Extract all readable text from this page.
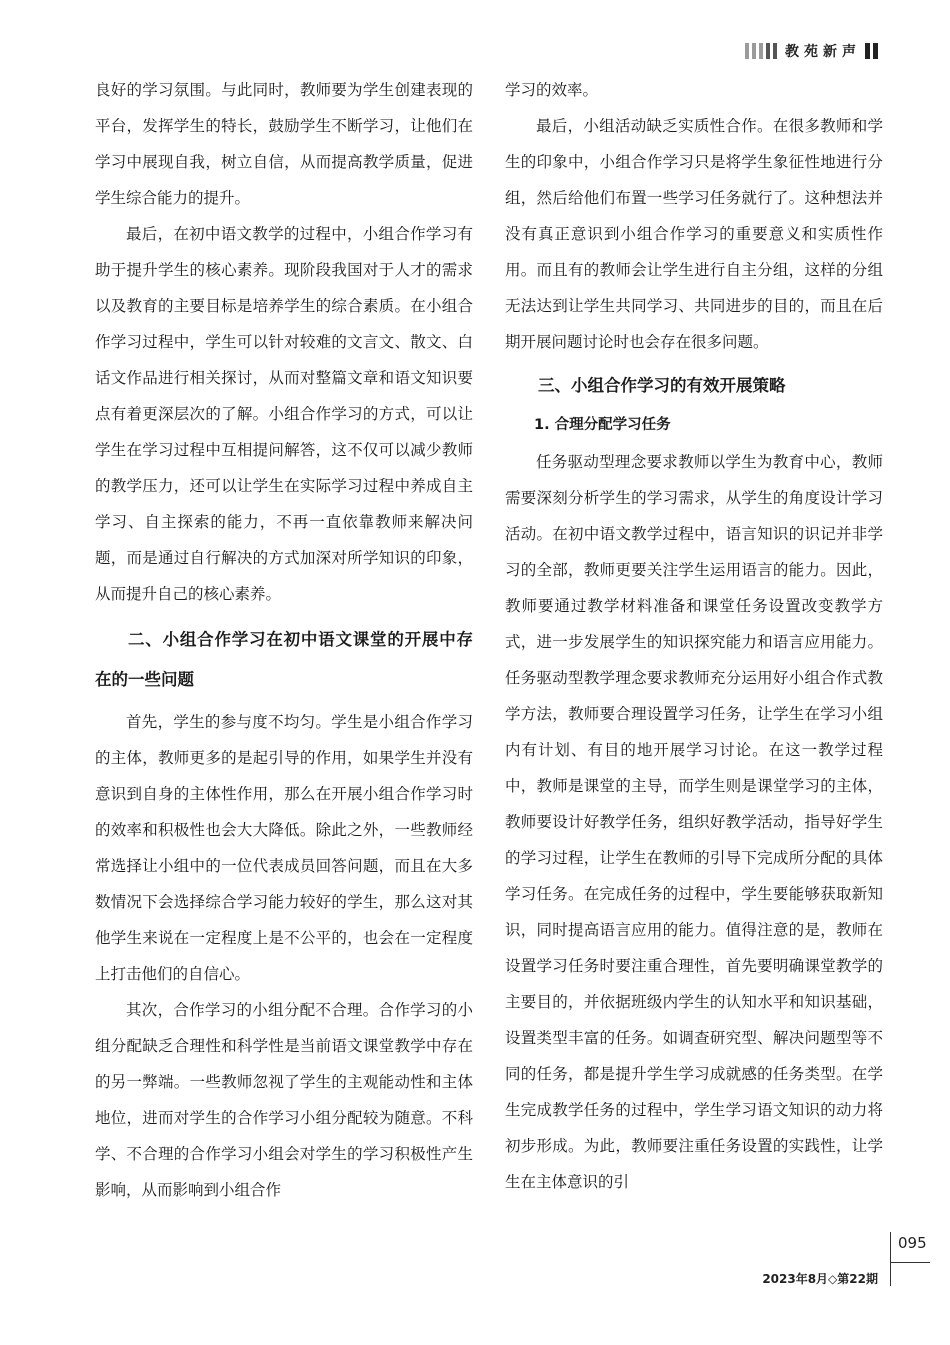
教苑新声

良好的学习氛围。与此同时，教师要为学生创建表现的平台，发挥学生的特长，鼓励学生不断学习，让他们在学习中展现自我，树立自信，从而提高教学质量，促进学生综合能力的提升。

最后，在初中语文教学的过程中，小组合作学习有助于提升学生的核心素养。现阶段我国对于人才的需求以及教育的主要目标是培养学生的综合素质。在小组合作学习过程中，学生可以针对较难的文言文、散文、白话文作品进行相关探讨，从而对整篇文章和语文知识要点有着更深层次的了解。小组合作学习的方式，可以让学生在学习过程中互相提问解答，这不仅可以减少教师的教学压力，还可以让学生在实际学习过程中养成自主学习、自主探索的能力，不再一直依靠教师来解决问题，而是通过自行解决的方式加深对所学知识的印象，从而提升自己的核心素养。

二、小组合作学习在初中语文课堂的开展中存在的一些问题

首先，学生的参与度不均匀。学生是小组合作学习的主体，教师更多的是起引导的作用，如果学生并没有意识到自身的主体性作用，那么在开展小组合作学习时的效率和积极性也会大大降低。除此之外，一些教师经常选择让小组中的一位代表成员回答问题，而且在大多数情况下会选择综合学习能力较好的学生，那么这对其他学生来说在一定程度上是不公平的，也会在一定程度上打击他们的自信心。

其次，合作学习的小组分配不合理。合作学习的小组分配缺乏合理性和科学性是当前语文课堂教学中存在的另一弊端。一些教师忽视了学生的主观能动性和主体地位，进而对学生的合作学习小组分配较为随意。不科学、不合理的合作学习小组会对学生的学习积极性产生影响，从而影响到小组合作

学习的效率。

最后，小组活动缺乏实质性合作。在很多教师和学生的印象中，小组合作学习只是将学生象征性地进行分组，然后给他们布置一些学习任务就行了。这种想法并没有真正意识到小组合作学习的重要意义和实质性作用。而且有的教师会让学生进行自主分组，这样的分组无法达到让学生共同学习、共同进步的目的，而且在后期开展问题讨论时也会存在很多问题。

三、小组合作学习的有效开展策略
1. 合理分配学习任务

任务驱动型理念要求教师以学生为教育中心，教师需要深刻分析学生的学习需求，从学生的角度设计学习活动。在初中语文教学过程中，语言知识的识记并非学习的全部，教师更要关注学生运用语言的能力。因此，教师要通过教学材料准备和课堂任务设置改变教学方式，进一步发展学生的知识探究能力和语言应用能力。任务驱动型教学理念要求教师充分运用好小组合作式教学方法，教师要合理设置学习任务，让学生在学习小组内有计划、有目的地开展学习讨论。在这一教学过程中，教师是课堂的主导，而学生则是课堂学习的主体，教师要设计好教学任务，组织好教学活动，指导好学生的学习过程，让学生在教师的引导下完成所分配的具体学习任务。在完成任务的过程中，学生要能够获取新知识，同时提高语言应用的能力。值得注意的是，教师在设置学习任务时要注重合理性，首先要明确课堂教学的主要目的，并依据班级内学生的认知水平和知识基础，设置类型丰富的任务。如调查研究型、解决问题型等不同的任务，都是提升学生学习成就感的任务类型。在学生完成教学任务的过程中，学生学习语文知识的动力将初步形成。为此，教师要注重任务设置的实践性，让学生在主体意识的引

095
2023年8月◇第22期
